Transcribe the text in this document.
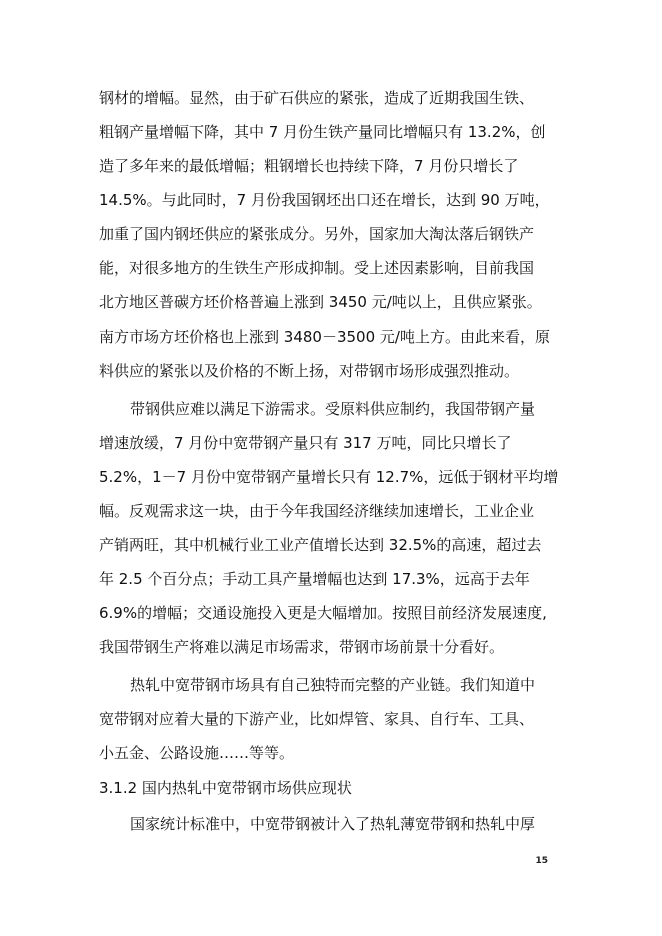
钢材的增幅。显然，由于矿石供应的紧张，造成了近期我国生铁、
粗钢产量增幅下降，其中 7 月份生铁产量同比增幅只有 13.2%，创
造了多年来的最低增幅；粗钢增长也持续下降，7 月份只增长了
14.5%。与此同时，7 月份我国钢坯出口还在增长，达到 90 万吨，
加重了国内钢坯供应的紧张成分。另外，国家加大淘汰落后钢铁产
能，对很多地方的生铁生产形成抑制。受上述因素影响，目前我国
北方地区普碳方坯价格普遍上涨到 3450 元/吨以上，且供应紧张。
南方市场方坯价格也上涨到 3480－3500 元/吨上方。由此来看，原
料供应的紧张以及价格的不断上扬，对带钢市场形成强烈推动。
带钢供应难以满足下游需求。受原料供应制约，我国带钢产量
增速放缓，7 月份中宽带钢产量只有 317 万吨，同比只增长了
5.2%，1－7 月份中宽带钢产量增长只有 12.7%，远低于钢材平均增
幅。反观需求这一块，由于今年我国经济继续加速增长，工业企业
产销两旺，其中机械行业工业产值增长达到 32.5%的高速，超过去
年 2.5 个百分点；手动工具产量增幅也达到 17.3%，远高于去年
6.9%的增幅；交通设施投入更是大幅增加。按照目前经济发展速度,
我国带钢生产将难以满足市场需求，带钢市场前景十分看好。
热轧中宽带钢市场具有自己独特而完整的产业链。我们知道中
宽带钢对应着大量的下游产业，比如焊管、家具、自行车、工具、
小五金、公路设施……等等。
3.1.2 国内热轧中宽带钢市场供应现状
国家统计标准中，中宽带钢被计入了热轧薄宽带钢和热轧中厚
15
